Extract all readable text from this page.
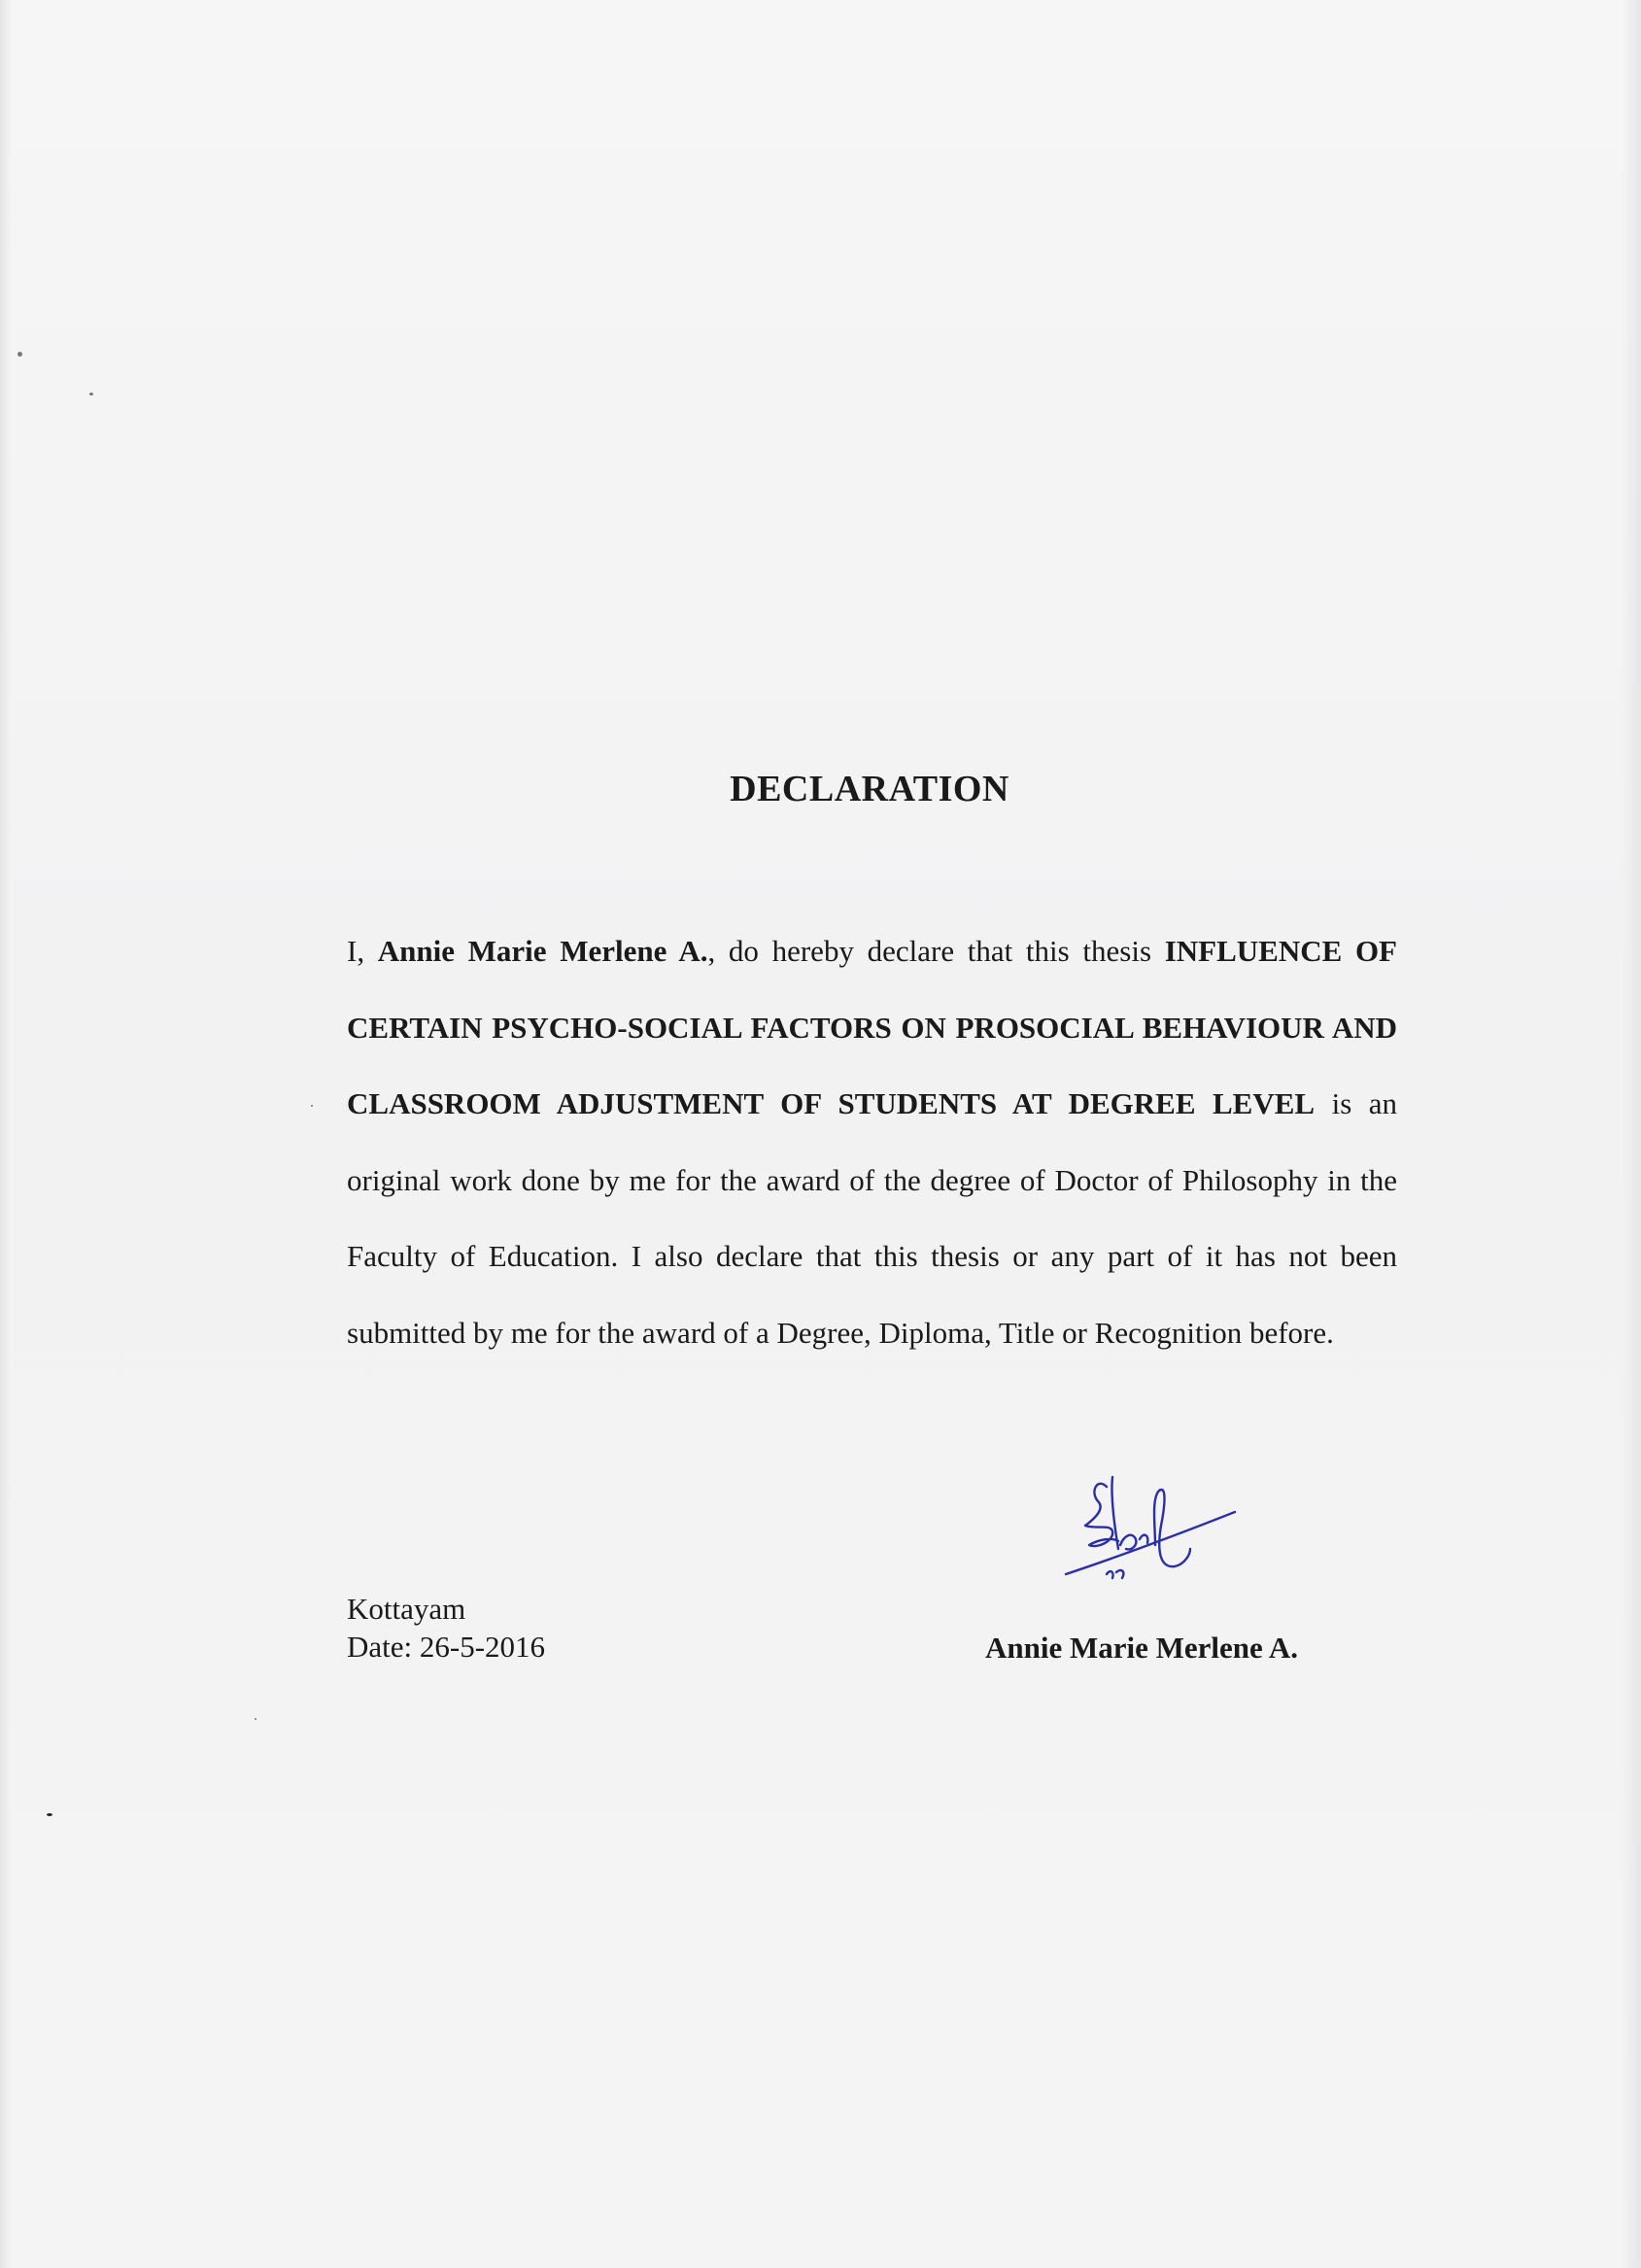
DECLARATION

I, Annie Marie Merlene A., do hereby declare that this thesis INFLUENCE OF CERTAIN PSYCHO-SOCIAL FACTORS ON PROSOCIAL BEHAVIOUR AND CLASSROOM ADJUSTMENT OF STUDENTS AT DEGREE LEVEL is an original work done by me for the award of the degree of Doctor of Philosophy in the Faculty of Education. I also declare that this thesis or any part of it has not been submitted by me for the award of a Degree, Diploma, Title or Recognition before.

Kottayam
Date: 26-5-2016	Annie Marie Merlene A.
